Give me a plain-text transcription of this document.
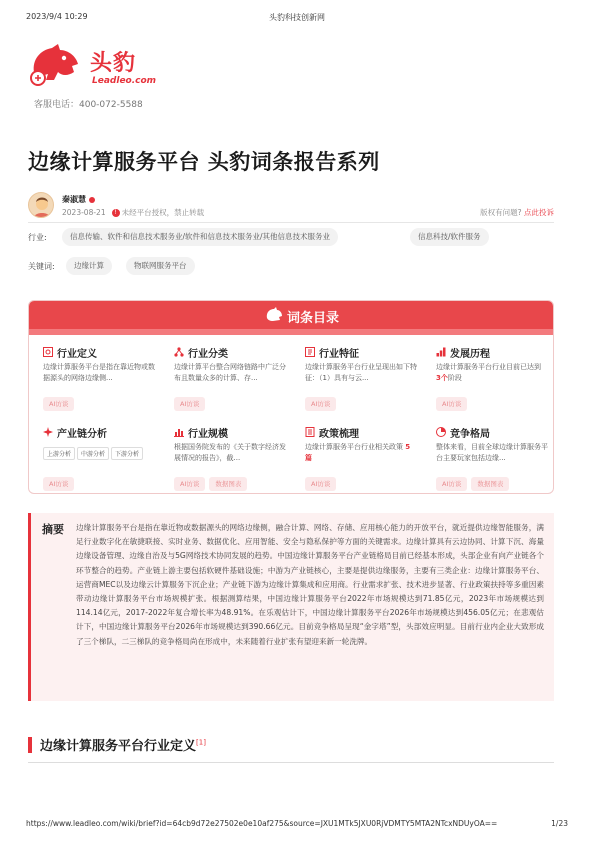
2023/9/4 10:29	头豹科技创新网
头豹
Leadleo.com
客服电话：400-072-5588
边缘计算服务平台 头豹词条报告系列
秦淑慧
2023-08-21 ! 未经平台授权，禁止转载	版权有问题? 点此投诉
行业:	信息传输、软件和信息技术服务业/软件和信息技术服务业/其他信息技术服务业	信息科技/软件服务
关键词:	边缘计算	物联网服务平台
词条目录
行业定义
边缘计算服务平台是指在靠近物或数据源头的网络边缘侧...
AI访谈
行业分类
边缘计算平台整合网络链路中广泛分布且数量众多的计算、存...
AI访谈
行业特征
边缘计算服务平台行业呈现出如下特征：（1）具有与云...
AI访谈
发展历程
边缘计算服务平台行业目前已达到 3个阶段
AI访谈
产业链分析
上游分析 中游分析 下游分析
AI访谈
行业规模
根据国务院发布的《关于数字经济发展情况的报告》，截...
AI访谈 数据图表
政策梳理
边缘计算服务平台行业相关政策 5篇
AI访谈
竞争格局
整体来看，目前全球边缘计算服务平台主要玩家包括边缘...
AI访谈 数据图表
摘要 边缘计算服务平台是指在靠近物或数据源头的网络边缘侧，融合计算、网络、存储、应用核心能力的开放平台，就近提供边缘智能服务，满足行业数字化在敏捷联接、实时业务、数据优化、应用智能、安全与隐私保护等方面的关键需求。边缘计算具有云边协同、计算下沉、海量边缘设备管理、边缘自治及与5G网络技术协同发展的趋势。中国边缘计算服务平台产业链格局目前已经基本形成，头部企业有向产业链各个环节整合的趋势。产业链上游主要包括软硬件基础设施；中游为产业链核心，主要是提供边缘服务，主要有三类企业：边缘计算服务平台、运营商MEC以及边缘云计算服务下沉企业；产业链下游为边缘计算集成和应用商。行业需求扩张、技术进步显著、行业政策扶持等多重因素带动边缘计算服务平台市场规模扩张。根据测算结果，中国边缘计算服务平台2022年市场规模达到71.85亿元，2023年市场规模达到114.14亿元，2017-2022年复合增长率为48.91%。在乐观估计下，中国边缘计算服务平台2026年市场规模达到456.05亿元；在悲观估计下，中国边缘计算服务平台2026年市场规模达到390.66亿元。目前竞争格局呈现“金字塔”型，头部效应明显。目前行业内企业大致形成了三个梯队，二三梯队的竞争格局尚在形成中，未来随着行业扩张有望迎来新一轮洗牌。
边缘计算服务平台行业定义[1]
https://www.leadleo.com/wiki/brief?id=64cb9d72e27502e0e10af275&source=JXU1MTk5JXU0RjVDMTY5MTA2NTcxNDUyOA==	1/23
